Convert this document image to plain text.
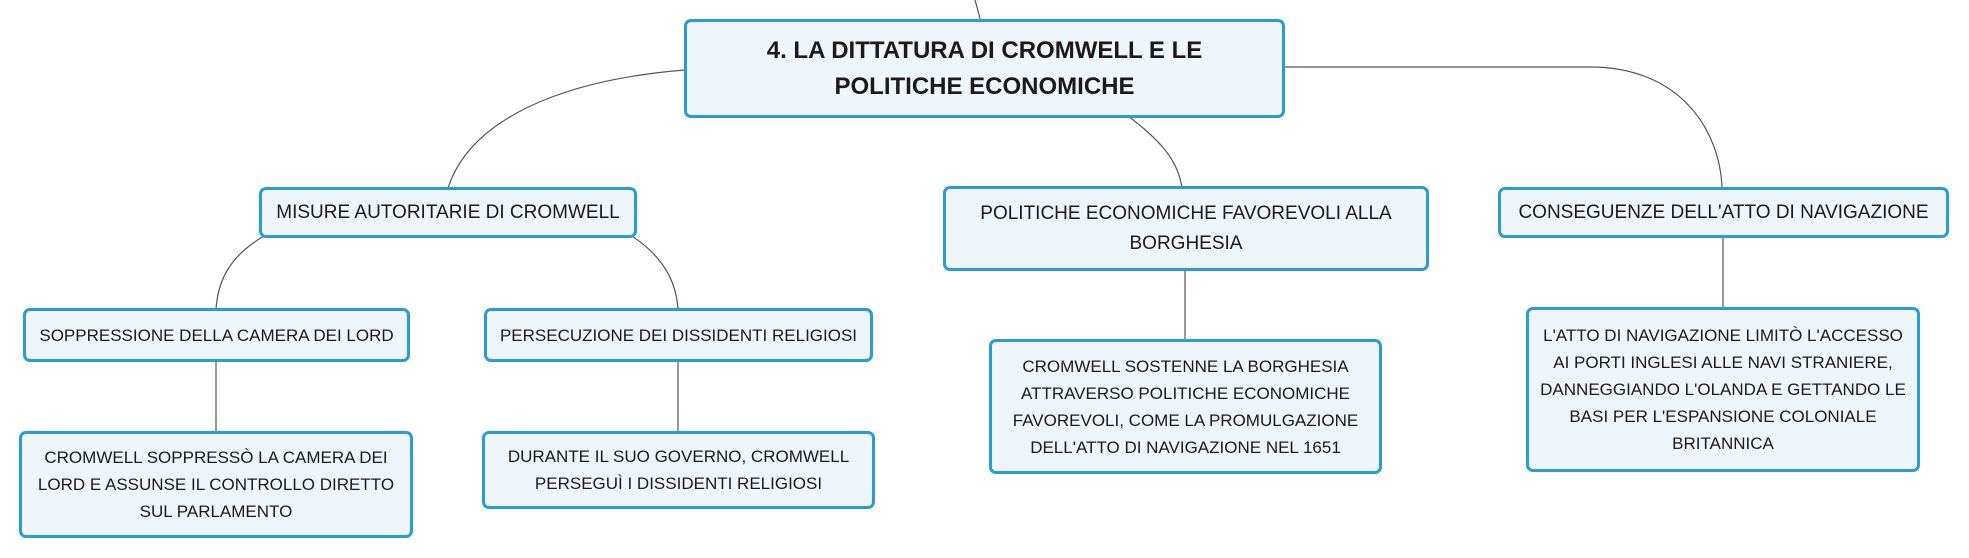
4. LA DITTATURA DI CROMWELL E LE POLITICHE ECONOMICHE
MISURE AUTORITARIE DI CROMWELL	POLITICHE ECONOMICHE FAVOREVOLI ALLA BORGHESIA
CONSEGUENZE DELL'ATTO DI NAVIGAZIONE
SOPPRESSIONE DELLA CAMERA DEI LORD	PERSECUZIONE DEI DISSIDENTI RELIGIOSI
CROMWELL SOPPRESSÒ LA CAMERA DEI LORD E ASSUNSE IL CONTROLLO DIRETTO SUL PARLAMENTO
DURANTE IL SUO GOVERNO, CROMWELL PERSEGUÌ I DISSIDENTI RELIGIOSI
CROMWELL SOSTENNE LA BORGHESIA ATTRAVERSO POLITICHE ECONOMICHE FAVOREVOLI, COME LA PROMULGAZIONE DELL'ATTO DI NAVIGAZIONE NEL 1651
L'ATTO DI NAVIGAZIONE LIMITÒ L'ACCESSO AI PORTI INGLESI ALLE NAVI STRANIERE, DANNEGGIANDO L'OLANDA E GETTANDO LE BASI PER L'ESPANSIONE COLONIALE BRITANNICA
